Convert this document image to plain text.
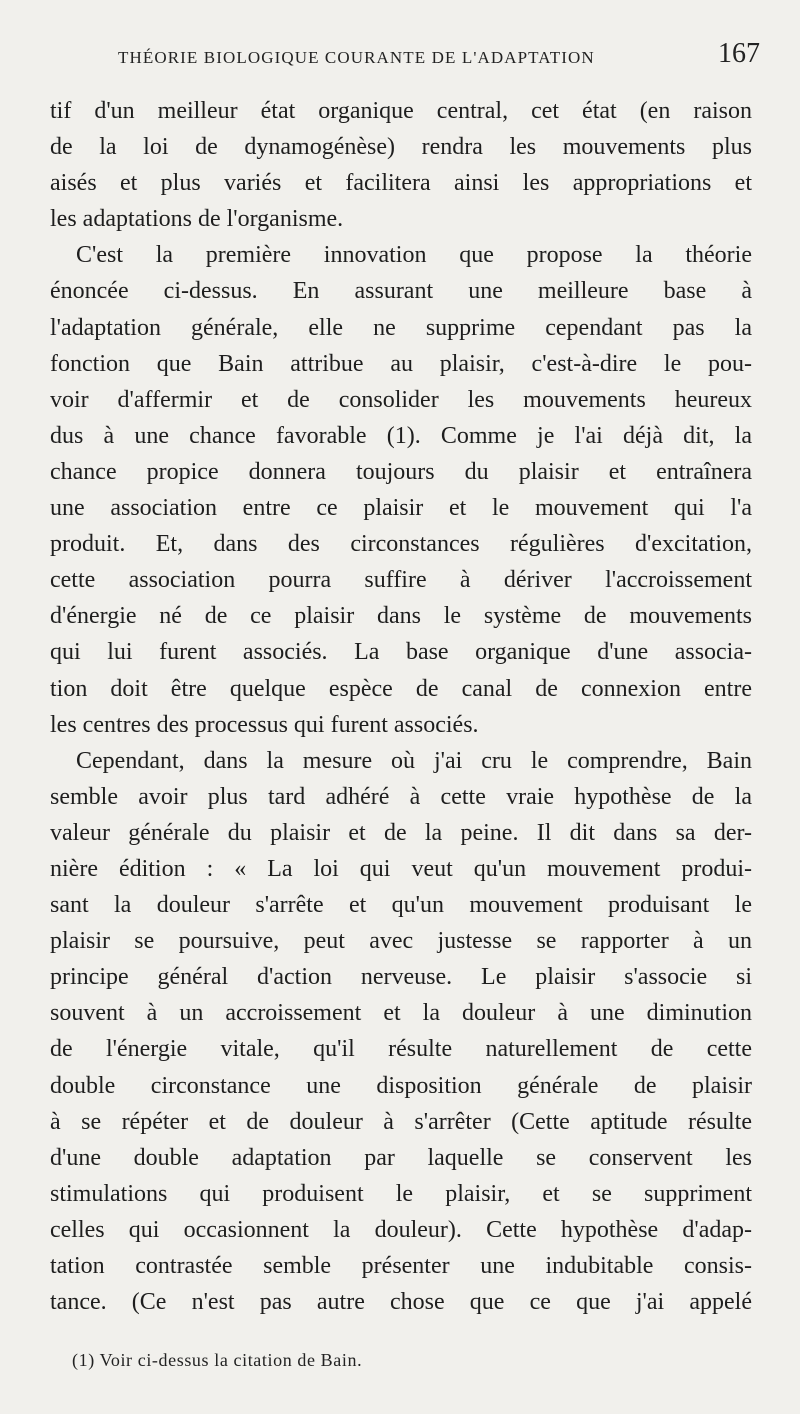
THÉORIE BIOLOGIQUE COURANTE DE L'ADAPTATION	167
tif d'un meilleur état organique central, cet état (en raison
de la loi de dynamogénèse) rendra les mouvements plus
aisés et plus variés et facilitera ainsi les appropriations et
les adaptations de l'organisme.
C'est la première innovation que propose la théorie
énoncée ci-dessus. En assurant une meilleure base à
l'adaptation générale, elle ne supprime cependant pas la
fonction que Bain attribue au plaisir, c'est-à-dire le pou-
voir d'affermir et de consolider les mouvements heureux
dus à une chance favorable (1). Comme je l'ai déjà dit, la
chance propice donnera toujours du plaisir et entraînera
une association entre ce plaisir et le mouvement qui l'a
produit. Et, dans des circonstances régulières d'excitation,
cette association pourra suffire à dériver l'accroissement
d'énergie né de ce plaisir dans le système de mouvements
qui lui furent associés. La base organique d'une associa-
tion doit être quelque espèce de canal de connexion entre
les centres des processus qui furent associés.
Cependant, dans la mesure où j'ai cru le comprendre, Bain
semble avoir plus tard adhéré à cette vraie hypothèse de la
valeur générale du plaisir et de la peine. Il dit dans sa der-
nière édition : « La loi qui veut qu'un mouvement produi-
sant la douleur s'arrête et qu'un mouvement produisant le
plaisir se poursuive, peut avec justesse se rapporter à un
principe général d'action nerveuse. Le plaisir s'associe si
souvent à un accroissement et la douleur à une diminution
de l'énergie vitale, qu'il résulte naturellement de cette
double circonstance une disposition générale de plaisir
à se répéter et de douleur à s'arrêter (Cette aptitude résulte
d'une double adaptation par laquelle se conservent les
stimulations qui produisent le plaisir, et se suppriment
celles qui occasionnent la douleur). Cette hypothèse d'adap-
tation contrastée semble présenter une indubitable consis-
tance. (Ce n'est pas autre chose que ce que j'ai appelé
(1) Voir ci-dessus la citation de Bain.
